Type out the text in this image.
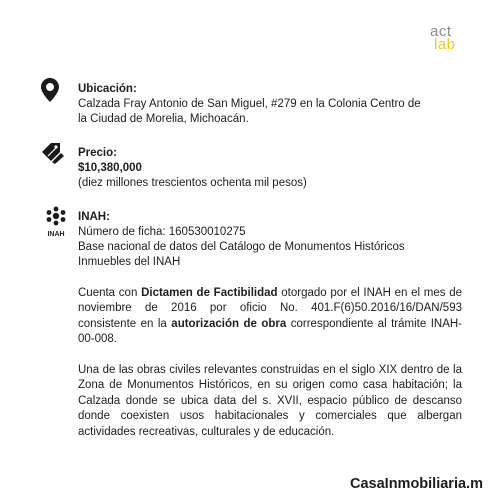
act
lab
Ubicación:
Calzada Fray Antonio de San Miguel, #279 en la Colonia Centro de
la Ciudad de Morelia, Michoacán.
Precio:
$10,380,000
(diez millones trescientos ochenta mil pesos)
INAH
INAH:
Número de ficha: 160530010275
Base nacional de datos del Catálogo de Monumentos Históricos
Inmuebles del INAH
Cuenta con Dictamen de Factibilidad otorgado por el INAH en el mes de noviembre de 2016 por oficio No. 401.F(6)50.2016/16/DAN/593 consistente en la autorización de obra correspondiente al trámite INAH-00-008.
Una de las obras civiles relevantes construidas en el siglo XIX dentro de la Zona de Monumentos Históricos, en su origen como casa habitación; la Calzada donde se ubica data del s. XVII, espacio público de descanso donde coexisten usos habitacionales y comerciales que albergan actividades recreativas, culturales y de educación.
CasaInmobiliaria.m
